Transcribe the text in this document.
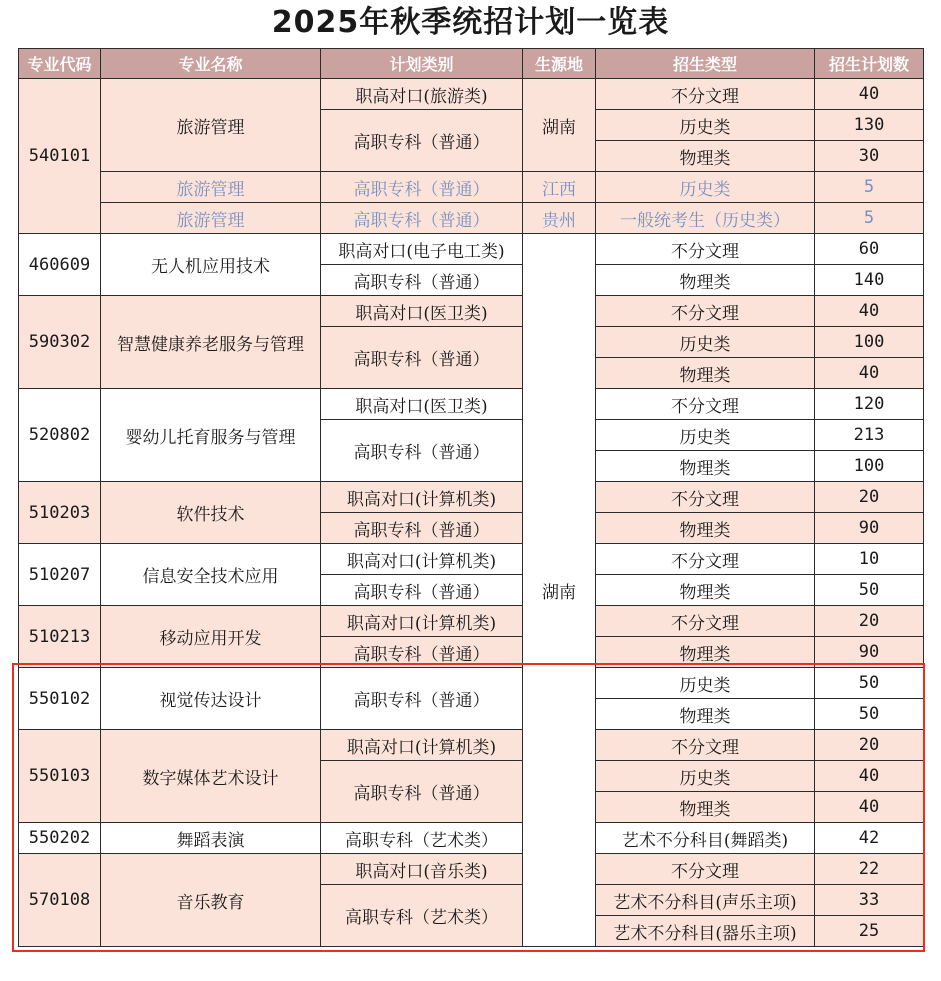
2025年秋季统招计划一览表
专业代码	专业名称	计划类别	生源地	招生类型	招生计划数
540101	旅游管理	职高对口(旅游类)	湖南	不分文理	40
		高职专科（普通）		历史类	130
				物理类	30
	旅游管理	高职专科（普通）	江西	历史类	5
	旅游管理	高职专科（普通）	贵州	一般统考生（历史类）	5
460609	无人机应用技术	职高对口(电子电工类)	湖南	不分文理	60
		高职专科（普通）		物理类	140
590302	智慧健康养老服务与管理	职高对口(医卫类)		不分文理	40
		高职专科（普通）		历史类	100
				物理类	40
520802	婴幼儿托育服务与管理	职高对口(医卫类)		不分文理	120
		高职专科（普通）		历史类	213
				物理类	100
510203	软件技术	职高对口(计算机类)		不分文理	20
		高职专科（普通）		物理类	90
510207	信息安全技术应用	职高对口(计算机类)		不分文理	10
		高职专科（普通）		物理类	50
510213	移动应用开发	职高对口(计算机类)		不分文理	20
		高职专科（普通）		物理类	90
550102	视觉传达设计	高职专科（普通）		历史类	50
				物理类	50
550103	数字媒体艺术设计	职高对口(计算机类)		不分文理	20
		高职专科（普通）		历史类	40
				物理类	40
550202	舞蹈表演	高职专科（艺术类）		艺术不分科目(舞蹈类)	42
570108	音乐教育	职高对口(音乐类)		不分文理	22
		高职专科（艺术类）		艺术不分科目(声乐主项)	33
				艺术不分科目(器乐主项)	25
